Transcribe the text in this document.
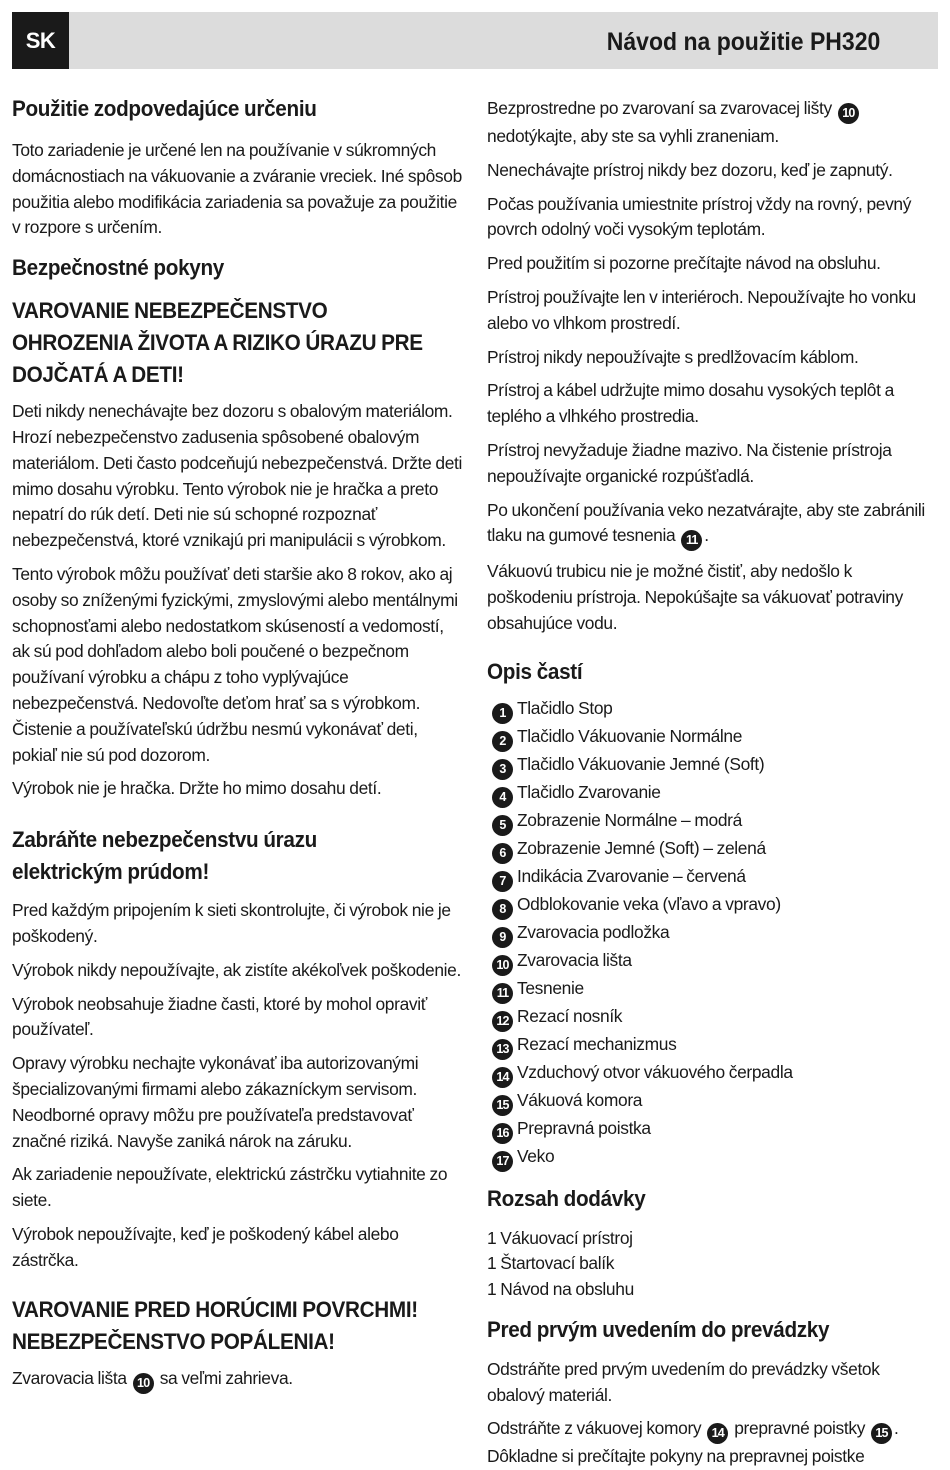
SK	Návod na použitie PH320
Použitie zodpovedajúce určeniu

Toto zariadenie je určené len na používanie v súkromných domácnostiach na vákuovanie a zváranie vreciek. Iné spôsob použitia alebo modifikácia zariadenia sa považuje za použitie v rozpore s určením.

Bezpečnostné pokyny
VAROVANIE NEBEZPEČENSTVO
OHROZENIA ŽIVOTA A RIZIKO ÚRAZU PRE
DOJČATÁ A DETI!

Deti nikdy nenechávajte bez dozoru s obalovým materiálom. Hrozí nebezpečenstvo zadusenia spôsobené obalovým materiálom. Deti často podceňujú nebezpečenstvá. Držte deti mimo dosahu výrobku. Tento výrobok nie je hračka a preto nepatrí do rúk detí. Deti nie sú schopné rozpoznať nebezpečenstvá, ktoré vznikajú pri manipulácii s výrobkom.

Tento výrobok môžu používať deti staršie ako 8 rokov, ako aj osoby so zníženými fyzickými, zmyslovými alebo mentálnymi schopnosťami alebo nedostatkom skúseností a vedomostí, ak sú pod dohľadom alebo boli poučené o bezpečnom používaní výrobku a chápu z toho vyplývajúce nebezpečenstvá. Nedovoľte deťom hrať sa s výrobkom. Čistenie a používateľskú údržbu nesmú vykonávať deti, pokiaľ nie sú pod dozorom.

Výrobok nie je hračka. Držte ho mimo dosahu detí.

Zabráňte nebezpečenstvu úrazu
elektrickým prúdom!

Pred každým pripojením k sieti skontrolujte, či výrobok nie je poškodený.

Výrobok nikdy nepoužívajte, ak zistíte akékoľvek poškodenie.

Výrobok neobsahuje žiadne časti, ktoré by mohol opraviť používateľ.

Opravy výrobku nechajte vykonávať iba autorizovanými špecializovanými firmami alebo zákazníckym servisom. Neodborné opravy môžu pre používateľa predstavovať značné riziká. Navyše zaniká nárok na záruku.

Ak zariadenie nepoužívate, elektrickú zástrčku vytiahnite zo siete.

Výrobok nepoužívajte, keď je poškodený kábel alebo zástrčka.

VAROVANIE PRED HORÚCIMI POVRCHMI!
NEBEZPEČENSTVO POPÁLENIA!

Zvarovacia lišta 10 sa veľmi zahrieva.

Bezprostredne po zvarovaní sa zvarovacej lišty 10 nedotýkajte, aby ste sa vyhli zraneniam.

Nenechávajte prístroj nikdy bez dozoru, keď je zapnutý.

Počas používania umiestnite prístroj vždy na rovný, pevný povrch odolný voči vysokým teplotám.

Pred použitím si pozorne prečítajte návod na obsluhu.

Prístroj používajte len v interiéroch. Nepoužívajte ho vonku alebo vo vlhkom prostredí.

Prístroj nikdy nepoužívajte s predlžovacím káblom.

Prístroj a kábel udržujte mimo dosahu vysokých teplôt a teplého a vlhkého prostredia.

Prístroj nevyžaduje žiadne mazivo. Na čistenie prístroja nepoužívajte organické rozpúšťadlá.

Po ukončení používania veko nezatvárajte, aby ste zabránili tlaku na gumové tesnenia 11 .

Vákuovú trubicu nie je možné čistiť, aby nedošlo k poškodeniu prístroja. Nepokúšajte sa vákuovať potraviny obsahujúce vodu.

Opis častí
1 Tlačidlo Stop
2 Tlačidlo Vákuovanie Normálne
3 Tlačidlo Vákuovanie Jemné (Soft)
4 Tlačidlo Zvarovanie
5 Zobrazenie Normálne – modrá
6 Zobrazenie Jemné (Soft) – zelená
7 Indikácia Zvarovanie – červená
8 Odblokovanie veka (vľavo a vpravo)
9 Zvarovacia podložka
10 Zvarovacia lišta
11 Tesnenie
12 Rezací nosník
13 Rezací mechanizmus
14 Vzduchový otvor vákuového čerpadla
15 Vákuová komora
16 Prepravná poistka
17 Veko
Rozsah dodávky
1 Vákuovací prístroj
1 Štartovací balík
1 Návod na obsluhu
Pred prvým uvedením do prevádzky

Odstráňte pred prvým uvedením do prevádzky všetok obalový materiál.

Odstráňte z vákuovej komory 14 prepravné poistky 15 .

Dôkladne si prečítajte pokyny na prepravnej poistke
